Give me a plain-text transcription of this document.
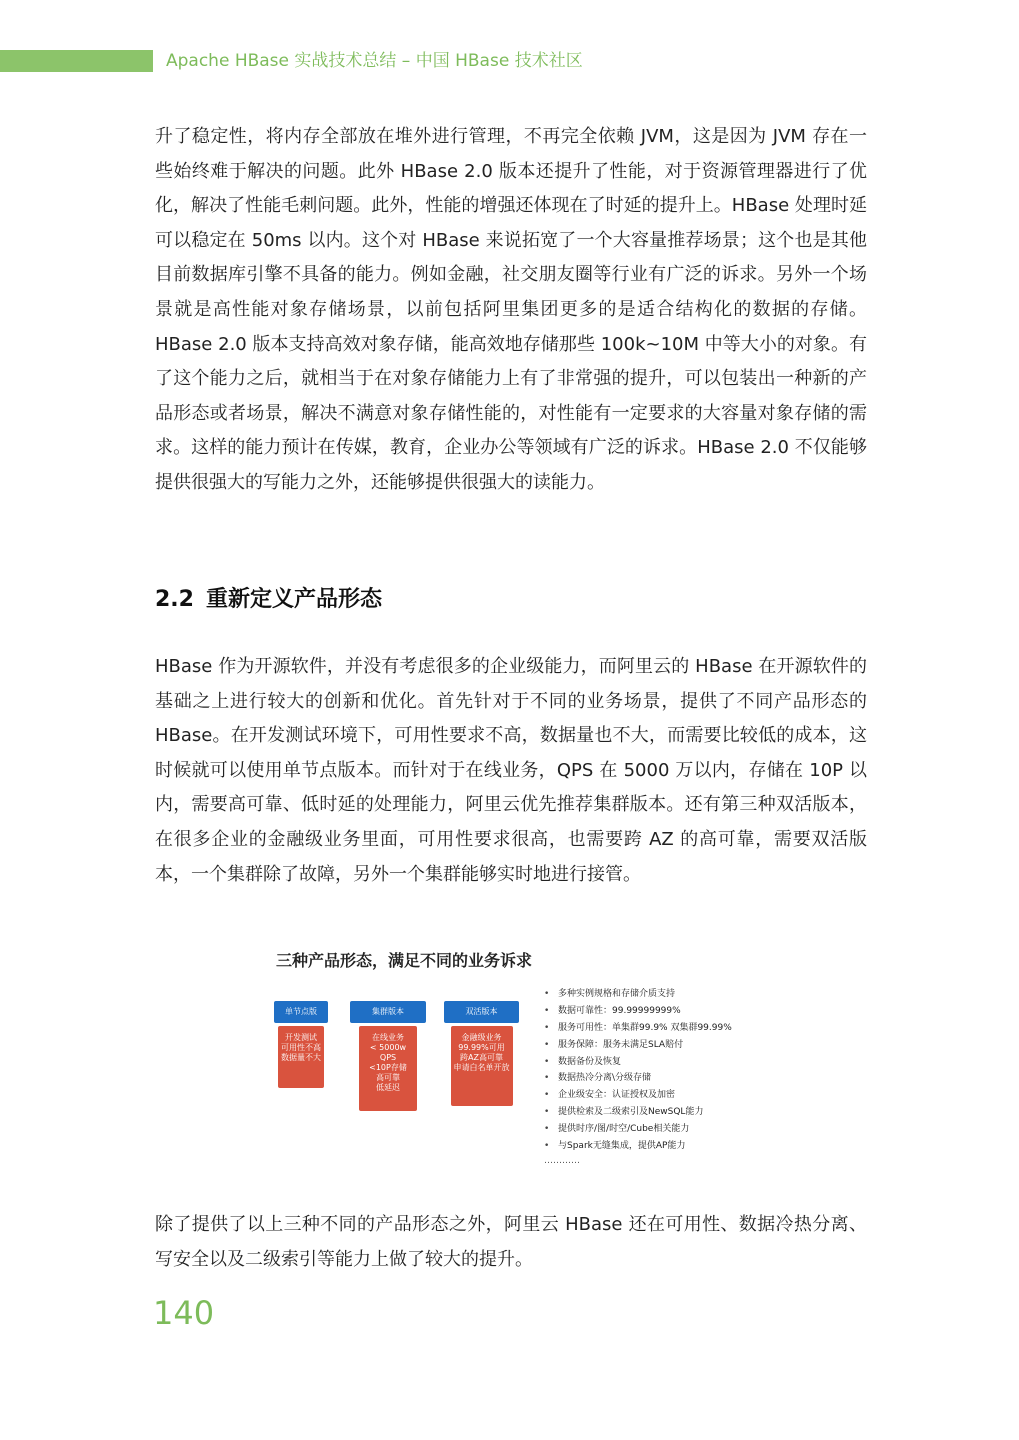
Apache HBase 实战技术总结 – 中国 HBase 技术社区

升了稳定性，将内存全部放在堆外进行管理，不再完全依赖 JVM，这是因为 JVM 存在一些始终难于解决的问题。此外 HBase 2.0 版本还提升了性能，对于资源管理器进行了优化，解决了性能毛刺问题。此外，性能的增强还体现在了时延的提升上。HBase 处理时延可以稳定在 50ms 以内。这个对 HBase 来说拓宽了一个大容量推荐场景；这个也是其他目前数据库引擎不具备的能力。例如金融，社交朋友圈等行业有广泛的诉求。另外一个场景就是高性能对象存储场景，以前包括阿里集团更多的是适合结构化的数据的存储。HBase 2.0 版本支持高效对象存储，能高效地存储那些 100k~10M 中等大小的对象。有了这个能力之后，就相当于在对象存储能力上有了非常强的提升，可以包装出一种新的产品形态或者场景，解决不满意对象存储性能的，对性能有一定要求的大容量对象存储的需求。这样的能力预计在传媒，教育，企业办公等领域有广泛的诉求。HBase 2.0 不仅能够提供很强大的写能力之外，还能够提供很强大的读能力。

2.2 重新定义产品形态

HBase 作为开源软件，并没有考虑很多的企业级能力，而阿里云的 HBase 在开源软件的基础之上进行较大的创新和优化。首先针对于不同的业务场景，提供了不同产品形态的 HBase。在开发测试环境下，可用性要求不高，数据量也不大，而需要比较低的成本，这时候就可以使用单节点版本。而针对于在线业务，QPS 在 5000 万以内，存储在 10P 以内，需要高可靠、低时延的处理能力，阿里云优先推荐集群版本。还有第三种双活版本，在很多企业的金融级业务里面，可用性要求很高，也需要跨 AZ 的高可靠，需要双活版本，一个集群除了故障，另外一个集群能够实时地进行接管。

三种产品形态，满足不同的业务诉求

单节点版
开发测试
可用性不高
数据量不大
集群版本
在线业务
< 5000w QPS
<10P存储
高可靠
低延迟
双活版本
金融级业务
99.99%可用
跨AZ高可靠
申请白名单开放
• 多种实例规格和存储介质支持
• 数据可靠性：99.99999999%
• 服务可用性：单集群99.9% 双集群99.99%
• 服务保障：服务未满足SLA赔付
• 数据备份及恢复
• 数据热冷分离\分级存储
• 企业级安全：认证授权及加密
• 提供检索及二级索引及NewSQL能力
• 提供时序/图/时空/Cube相关能力
• 与Spark无缝集成，提供AP能力
…………

除了提供了以上三种不同的产品形态之外，阿里云 HBase 还在可用性、数据冷热分离、写安全以及二级索引等能力上做了较大的提升。

140
